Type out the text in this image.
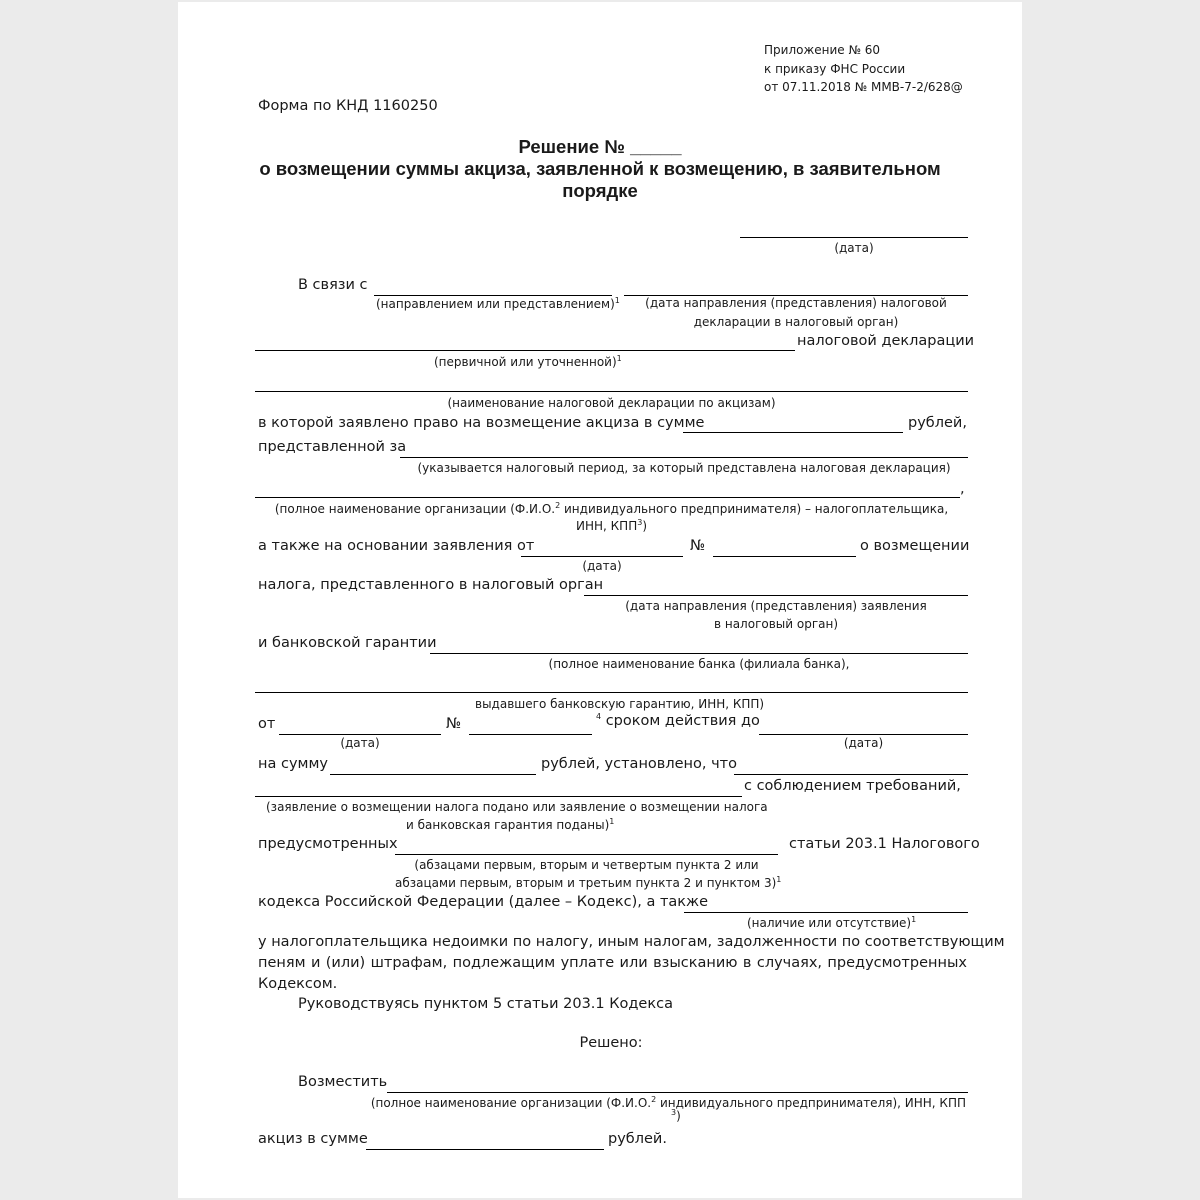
Приложение № 60
к приказу ФНС России
от 07.11.2018 № ММВ-7-2/628@
Форма по КНД 1160250
Решение № _____
о возмещении суммы акциза, заявленной к возмещению, в заявительном
порядке
(дата)
В связи с
(направлением или представлением)$^1$	(дата направления (представления) налоговой
декларации в налоговый орган)
налоговой декларации
(первичной или уточненной)$^1$
(наименование налоговой декларации по акцизам)
в которой заявлено право на возмещение акциза в сумме	рублей,
представленной за
(указывается налоговый период, за который представлена налоговая декларация)
,
(полное наименование организации (Ф.И.О.$^2$ индивидуального предпринимателя) – налогоплательщика,
ИНН, КПП$^3$)
а также на основании заявления от	№	о возмещении
(дата)
налога, представленного в налоговый орган
(дата направления (представления) заявления
в налоговый орган)
и банковской гарантии
(полное наименование банка (филиала банка),
выдавшего банковскую гарантию, ИНН, КПП)
от	№	$^4$ сроком действия до
(дата)	(дата)
на сумму	рублей, установлено, что
с соблюдением требований,
(заявление о возмещении налога подано или заявление о возмещении налога
и банковская гарантия поданы)$^1$
предусмотренных	статьи 203.1 Налогового
(абзацами первым, вторым и четвертым пункта 2 или
абзацами первым, вторым и третьим пункта 2 и пунктом 3)$^1$
кодекса Российской Федерации (далее – Кодекс), а также
(наличие или отсутствие)$^1$
у налогоплательщика недоимки по налогу, иным налогам, задолженности по соответствующим
пеням и (или) штрафам, подлежащим уплате или взысканию в случаях, предусмотренных
Кодексом.
Руководствуясь пунктом 5 статьи 203.1 Кодекса
Решено:
Возместить
(полное наименование организации (Ф.И.О.$^2$ индивидуального предпринимателя), ИНН, КПП
$^3$)
акциз в сумме	рублей.
